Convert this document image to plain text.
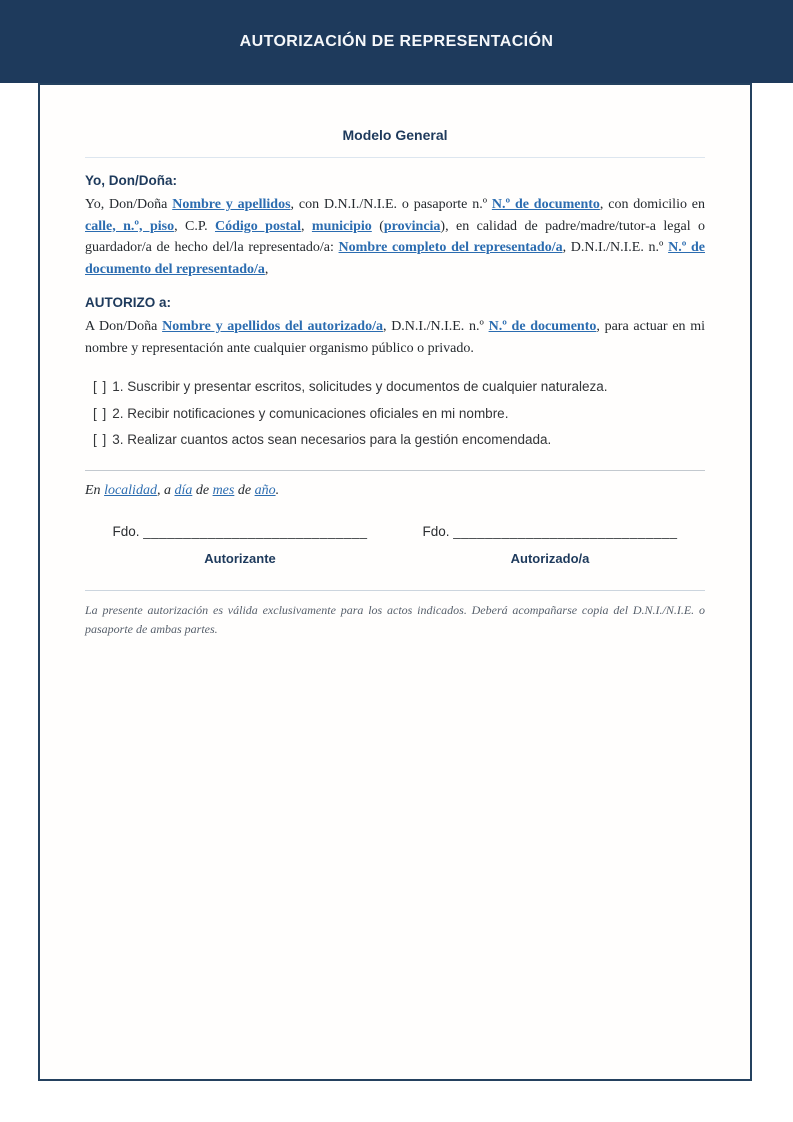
AUTORIZACIÓN DE REPRESENTACIÓN
Modelo General
Yo, Don/Doña:

Yo, Don/Doña Nombre y apellidos, con D.N.I./N.I.E. o pasaporte n.º N.º de documento, con domicilio en calle, n.º, piso, C.P. Código postal, municipio (provincia), en calidad de padre/madre/tutor-a legal o guardador/a de hecho del/la representado/a: Nombre completo del representado/a, D.N.I./N.I.E. n.º N.º de documento del representado/a,

AUTORIZO a:

A Don/Doña Nombre y apellidos del autorizado/a, D.N.I./N.I.E. n.º N.º de documento, para actuar en mi nombre y representación ante cualquier organismo público o privado.

[ ] 1. Suscribir y presentar escritos, solicitudes y documentos de cualquier naturaleza.
[ ] 2. Recibir notificaciones y comunicaciones oficiales en mi nombre.
[ ] 3. Realizar cuantos actos sean necesarios para la gestión encomendada.

En localidad, a día de mes de año.

Fdo. ____________________________
Autorizante
Fdo. ____________________________
Autorizado/a

La presente autorización es válida exclusivamente para los actos indicados. Deberá acompañarse copia del D.N.I./N.I.E. o pasaporte de ambas partes.
